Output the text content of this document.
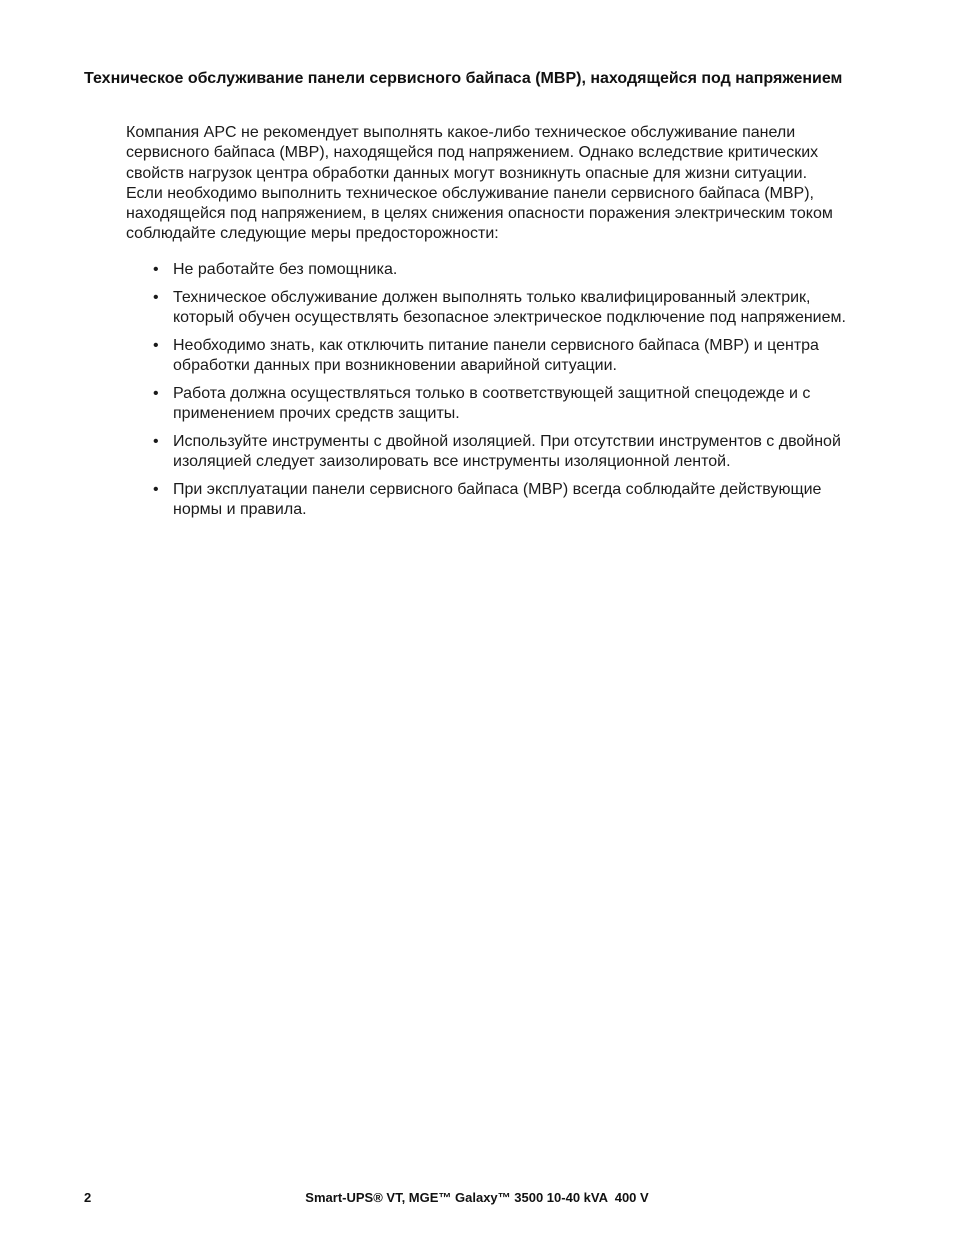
Техническое обслуживание панели сервисного байпаса (MBP), находящейся под напряжением

Компания APC не рекомендует выполнять какое-либо техническое обслуживание панели сервисного байпаса (MBP), находящейся под напряжением. Однако вследствие критических свойств нагрузок центра обработки данных могут возникнуть опасные для жизни ситуации. Если необходимо выполнить техническое обслуживание панели сервисного байпаса (MBP), находящейся под напряжением, в целях снижения опасности поражения электрическим током соблюдайте следующие меры предосторожности:

• Не работайте без помощника.
• Техническое обслуживание должен выполнять только квалифицированный электрик, который обучен осуществлять безопасное электрическое подключение под напряжением.
• Необходимо знать, как отключить питание панели сервисного байпаса (MBP) и центра обработки данных при возникновении аварийной ситуации.
• Работа должна осуществляться только в соответствующей защитной спецодежде и с применением прочих средств защиты.
• Используйте инструменты с двойной изоляцией. При отсутствии инструментов с двойной изоляцией следует заизолировать все инструменты изоляционной лентой.
• При эксплуатации панели сервисного байпаса (MBP) всегда соблюдайте действующие нормы и правила.
2	Smart-UPS® VT, MGE™ Galaxy™ 3500 10-40 kVA  400 V
